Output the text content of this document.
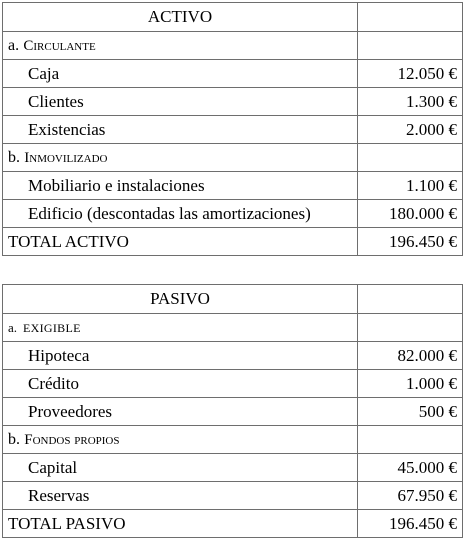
ACTIVO	
a. Circulante	
Caja	12.050 €
Clientes	1.300 €
Existencias	2.000 €
b. Inmovilizado	
Mobiliario e instalaciones	1.100 €
Edificio (descontadas las amortizaciones)	180.000 €
TOTAL ACTIVO	196.450 €
PASIVO	
a. EXIGIBLE	
Hipoteca	82.000 €
Crédito	1.000 €
Proveedores	500 €
b. Fondos propios	
Capital	45.000 €
Reservas	67.950 €
TOTAL PASIVO	196.450 €
